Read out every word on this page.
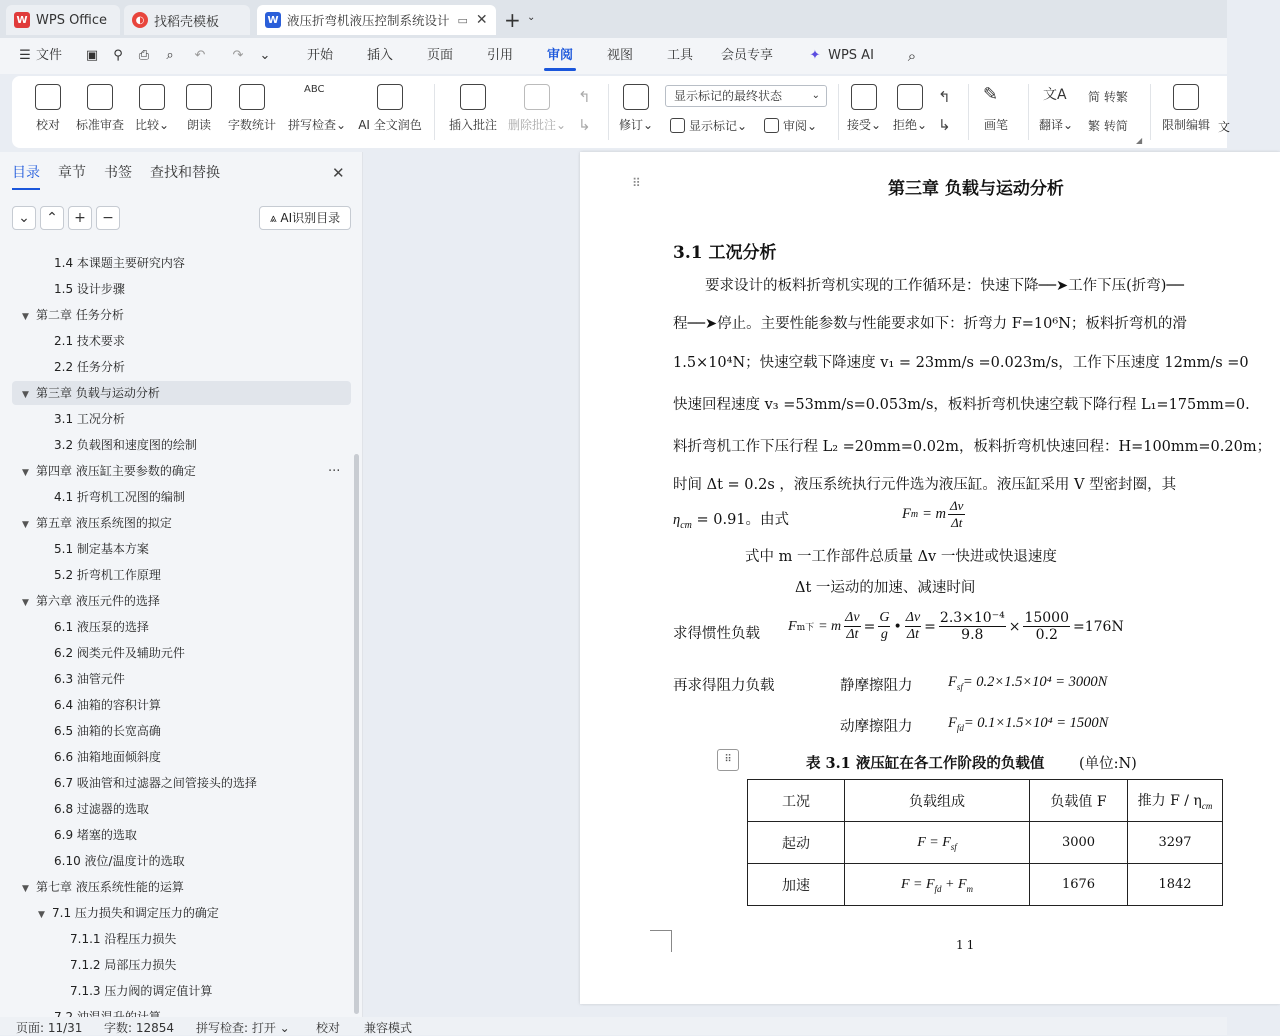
W WPS Office	◐ 找稻壳模板	W 液压折弯机液压控制系统设计 ▭ ✕ + ⌄
☰ 文件 ▣ ⚲ ⎙	⌕	↶ ↷ ⌄	开始	插入	页面	引用	审阅	视图	工具	会员专享	✦ WPS AI	⌕
校对 标准审查 比较⌄ 朗读 字数统计
ABC
拼写检查⌄ AI 全文润色 插入批注 删除批注⌄
↰
↳ 修订⌄
显示标记的最终状态	⌄
显示标记 ⌄	审阅 ⌄ 接受⌄ 拒绝⌄
↰
↳
✎
画笔
文A
翻译⌄
简 转繁
繁 转简	限制编辑 文
◢
目录 章节 书签 查找和替换	✕
⌄	⌃	+	−	⩓ AI识别目录
1.4 本课题主要研究内容
1.5 设计步骤
▼ 第二章 任务分析
2.1 技术要求
2.2 任务分析
▼ 第三章 负载与运动分析
3.1 工况分析
3.2 负载图和速度图的绘制
▼ 第四章 液压缸主要参数的确定
4.1 折弯机工况图的编制
▼ 第五章 液压系统图的拟定
5.1 制定基本方案
5.2 折弯机工作原理
▼ 第六章 液压元件的选择
6.1 液压泵的选择
6.2 阀类元件及辅助元件
6.3 油管元件
6.4 油箱的容积计算
6.5 油箱的长宽高确
6.6 油箱地面倾斜度
6.7 吸油管和过滤器之间管接头的选择
6.8 过滤器的选取
6.9 堵塞的选取
6.10 液位/温度计的选取
▼ 第七章 液压系统性能的运算
▼ 7.1 压力损失和调定压力的确定
7.1.1 沿程压力损失
7.1.2 局部压力损失
7.1.3 压力阀的调定值计算
···
⠿	第三章 负载与运动分析
3.1 工况分析
要求设计的板料折弯机实现的工作循环是：快速下降──➤工作下压(折弯)──
程──➤停止。主要性能参数与性能要求如下：折弯力 F=10⁶N；板料折弯机的滑
1.5×10⁴N；快速空载下降速度 v₁ = 23mm/s =0.023m/s，工作下压速度 12mm/s =0
快速回程速度 v₃ =53mm/s=0.053m/s，板料折弯机快速空载下降行程 L₁=175mm=0.
料折弯机工作下压行程 L₂ =20mm=0.02m，板料折弯机快速回程：H=100mm=0.20m；
时间 Δt = 0.2s ，液压系统执行元件选为液压缸。液压缸采用 V 型密封圈，其
$\eta_{cm} = 0.91$。由式	F m = m
Δv
Δt
式中 m 一工作部件总质量 Δv 一快进或快退速度
Δt 一运动的加速、减速时间
求得惯性负载 F m下 = m $\frac{\Delta v}{\Delta t} = \frac{G}{g}$ • $\frac{\Delta v}{\Delta t} = \frac{\text{2.3×10⁻⁴}}{9.8} \times \frac{15000}{0.2} =176N$
再求得阻力负载	静摩擦阻力 $F_{sf}= 0.2\times 1.5\times 10^4 = 3000N$
动摩擦阻力 $F_{fd}= 0.1\times 1.5\times 10^4 = 1500N$
⠿	表 3.1 液压缸在各工作阶段的负载值 (单位:N)
工况	负载组成	负载值 F	推力 F / $\eta_{cm}$
起动	$F = F_{sf}$	3000	3297
加速	$F = F_{fd} + F_m$	1676	1842
11
页面: 11/31 字数: 12854 拼写检查: 打开 ⌄ 校对 兼容模式
